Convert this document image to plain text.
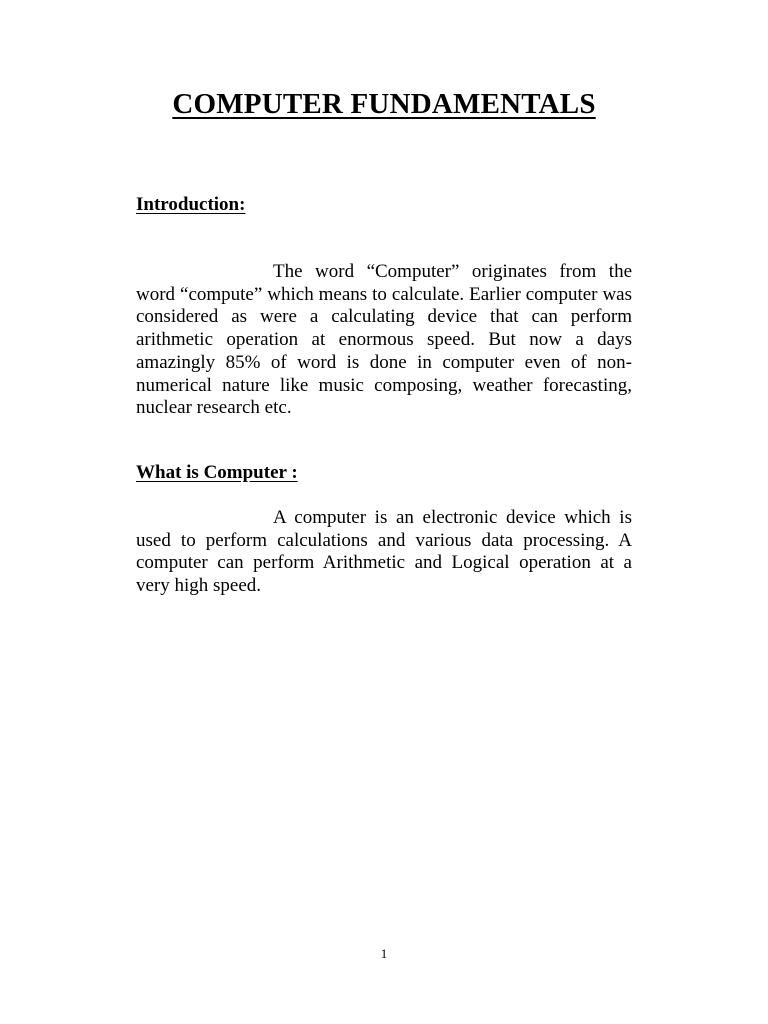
COMPUTER FUNDAMENTALS
Introduction:

The word “Computer” originates from the word “compute” which means to calculate. Earlier computer was considered as were a calculating device that can perform arithmetic operation at enormous speed. But now a days amazingly 85% of word is done in computer even of non-numerical nature like music composing, weather forecasting, nuclear research etc.

What is Computer :

A computer is an electronic device which is used to perform calculations and various data processing. A computer can perform Arithmetic and Logical operation at a very high speed.

1
